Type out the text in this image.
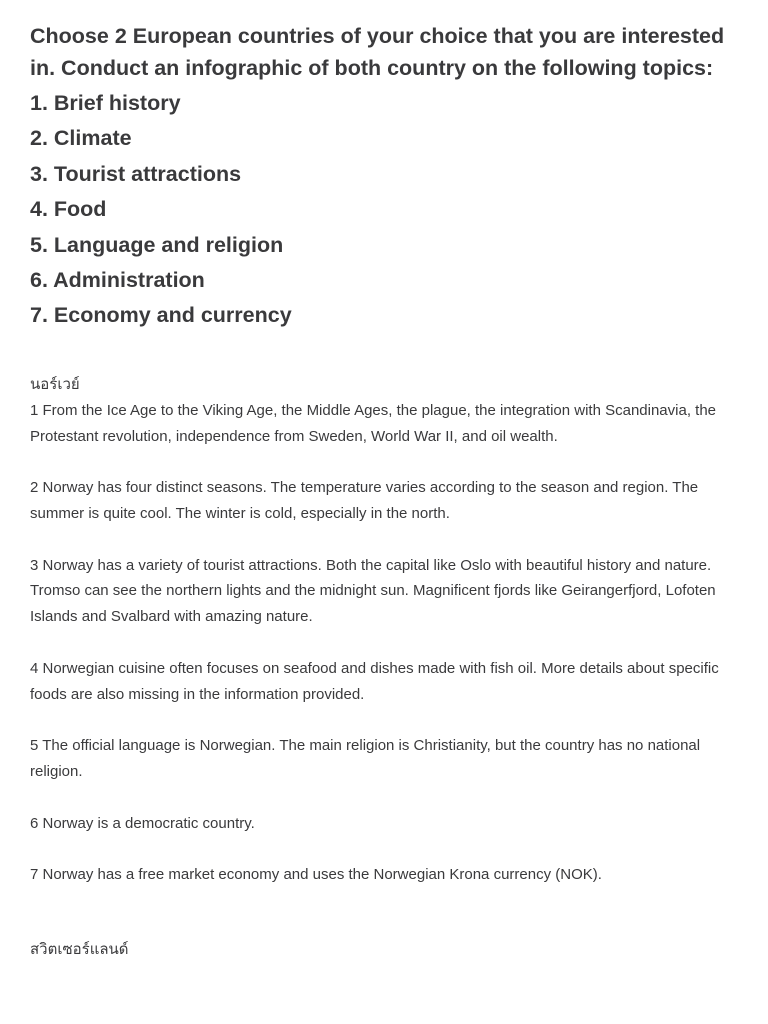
Choose 2 European countries of your choice that you are interested in. Conduct an infographic of both country on the following topics:

1. Brief history
2. Climate
3. Tourist attractions
4. Food
5. Language and religion
6. Administration
7. Economy and currency

นอร์เวย์

1 From the Ice Age to the Viking Age, the Middle Ages, the plague, the integration with Scandinavia, the Protestant revolution, independence from Sweden, World War II, and oil wealth.

2 Norway has four distinct seasons. The temperature varies according to the season and region. The summer is quite cool. The winter is cold, especially in the north.

3 Norway has a variety of tourist attractions. Both the capital like Oslo with beautiful history and nature. Tromso can see the northern lights and the midnight sun. Magnificent fjords like Geirangerfjord, Lofoten Islands and Svalbard with amazing nature.

4 Norwegian cuisine often focuses on seafood and dishes made with fish oil. More details about specific foods are also missing in the information provided.

5 The official language is Norwegian. The main religion is Christianity, but the country has no national religion.

6 Norway is a democratic country.

7 Norway has a free market economy and uses the Norwegian Krona currency (NOK).

สวิตเซอร์แลนด์
